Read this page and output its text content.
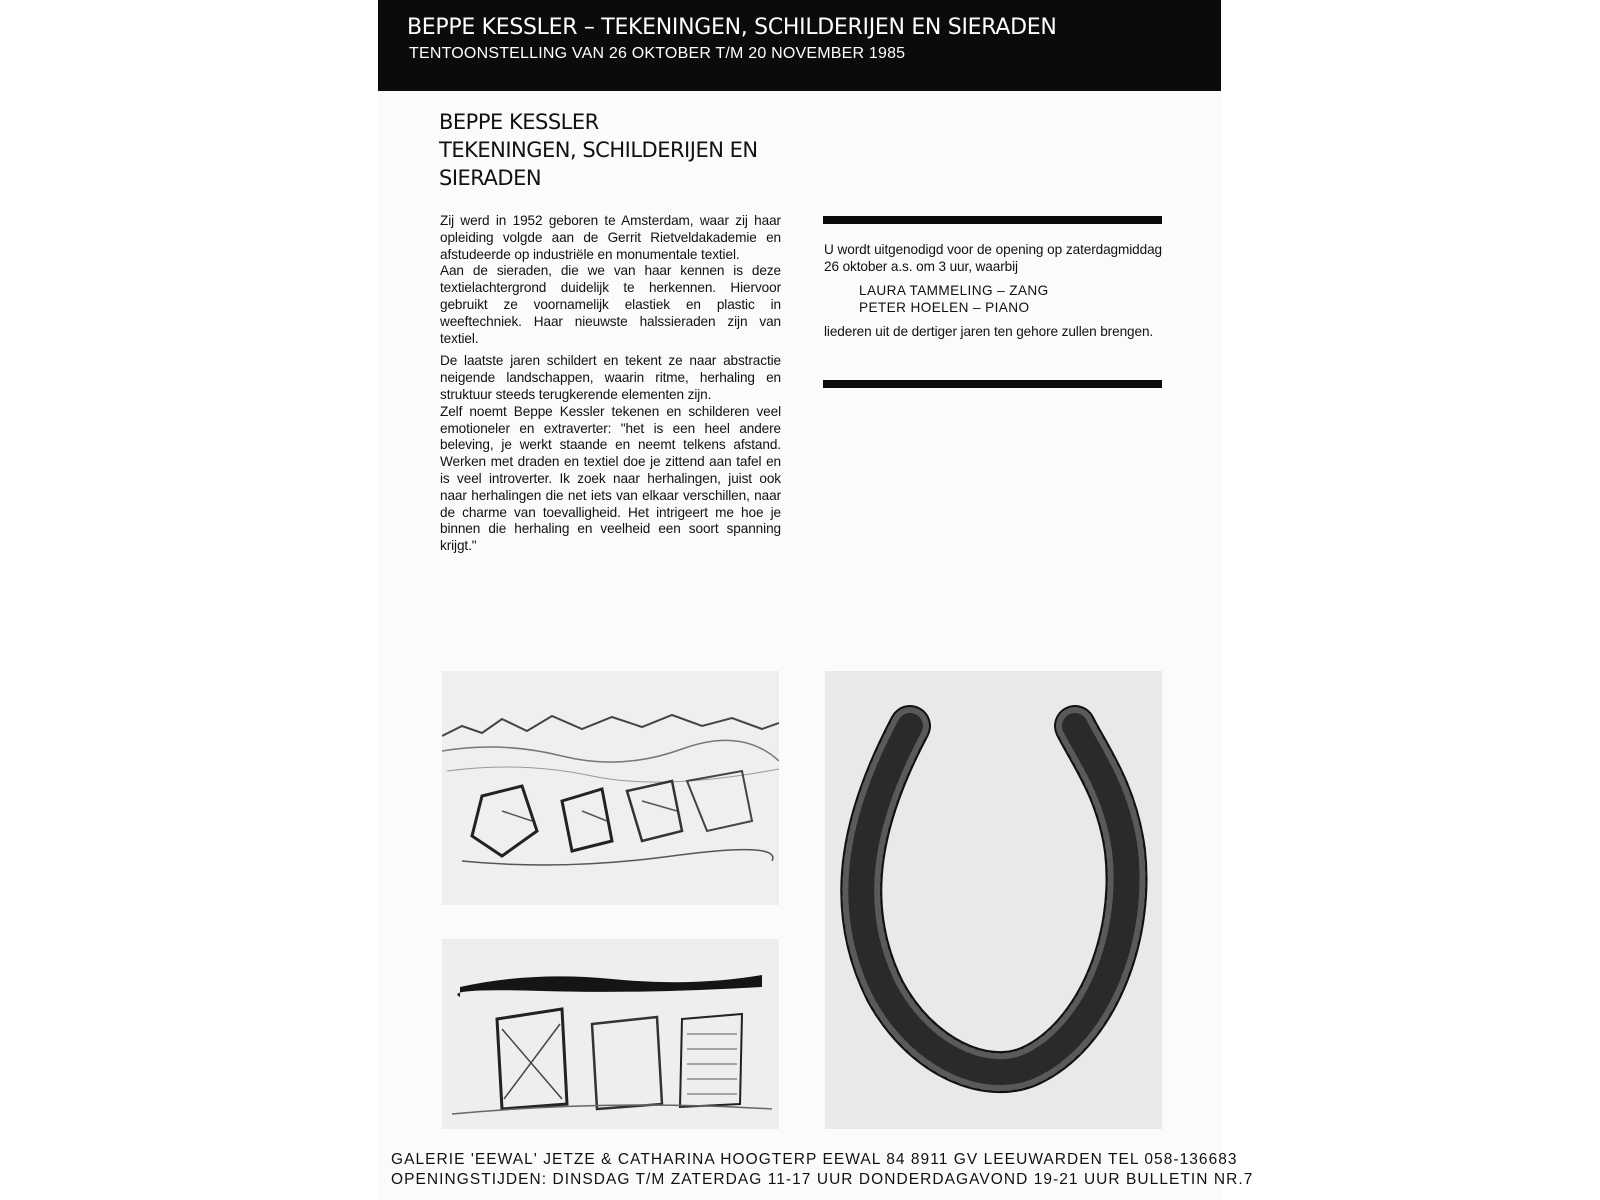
BEPPE KESSLER – TEKENINGEN, SCHILDERIJEN EN SIERADEN
TENTOONSTELLING VAN 26 OKTOBER T/M 20 NOVEMBER 1985
BEPPE KESSLER
TEKENINGEN, SCHILDERIJEN EN
SIERADEN

Zij werd in 1952 geboren te Amsterdam, waar zij haar opleiding volgde aan de Gerrit Rietveldakademie en afstudeerde op industriële en monumentale textiel.

Aan de sieraden, die we van haar kennen is deze textielachtergrond duidelijk te herkennen. Hiervoor gebruikt ze voornamelijk elastiek en plastic in weeftechniek. Haar nieuwste halssieraden zijn van textiel.

De laatste jaren schildert en tekent ze naar abstractie neigende landschappen, waarin ritme, herhaling en struktuur steeds terugkerende elementen zijn.

Zelf noemt Beppe Kessler tekenen en schilderen veel emotioneler en extraverter: "het is een heel andere beleving, je werkt staande en neemt telkens afstand. Werken met draden en textiel doe je zittend aan tafel en is veel introverter. Ik zoek naar herhalingen, juist ook naar herhalingen die net iets van elkaar verschillen, naar de charme van toevalligheid. Het intrigeert me hoe je binnen die herhaling en veelheid een soort spanning krijgt."

U wordt uitgenodigd voor de opening op zaterdagmiddag 26 oktober a.s. om 3 uur, waarbij

LAURA TAMMELING – ZANG
PETER HOELEN – PIANO

liederen uit de dertiger jaren ten gehore zullen brengen.

GALERIE 'EEWAL' JETZE & CATHARINA HOOGTERP EEWAL 84 8911 GV LEEUWARDEN TEL 058-136683
OPENINGSTIJDEN: DINSDAG T/M ZATERDAG 11-17 UUR DONDERDAGAVOND 19-21 UUR BULLETIN NR.7
